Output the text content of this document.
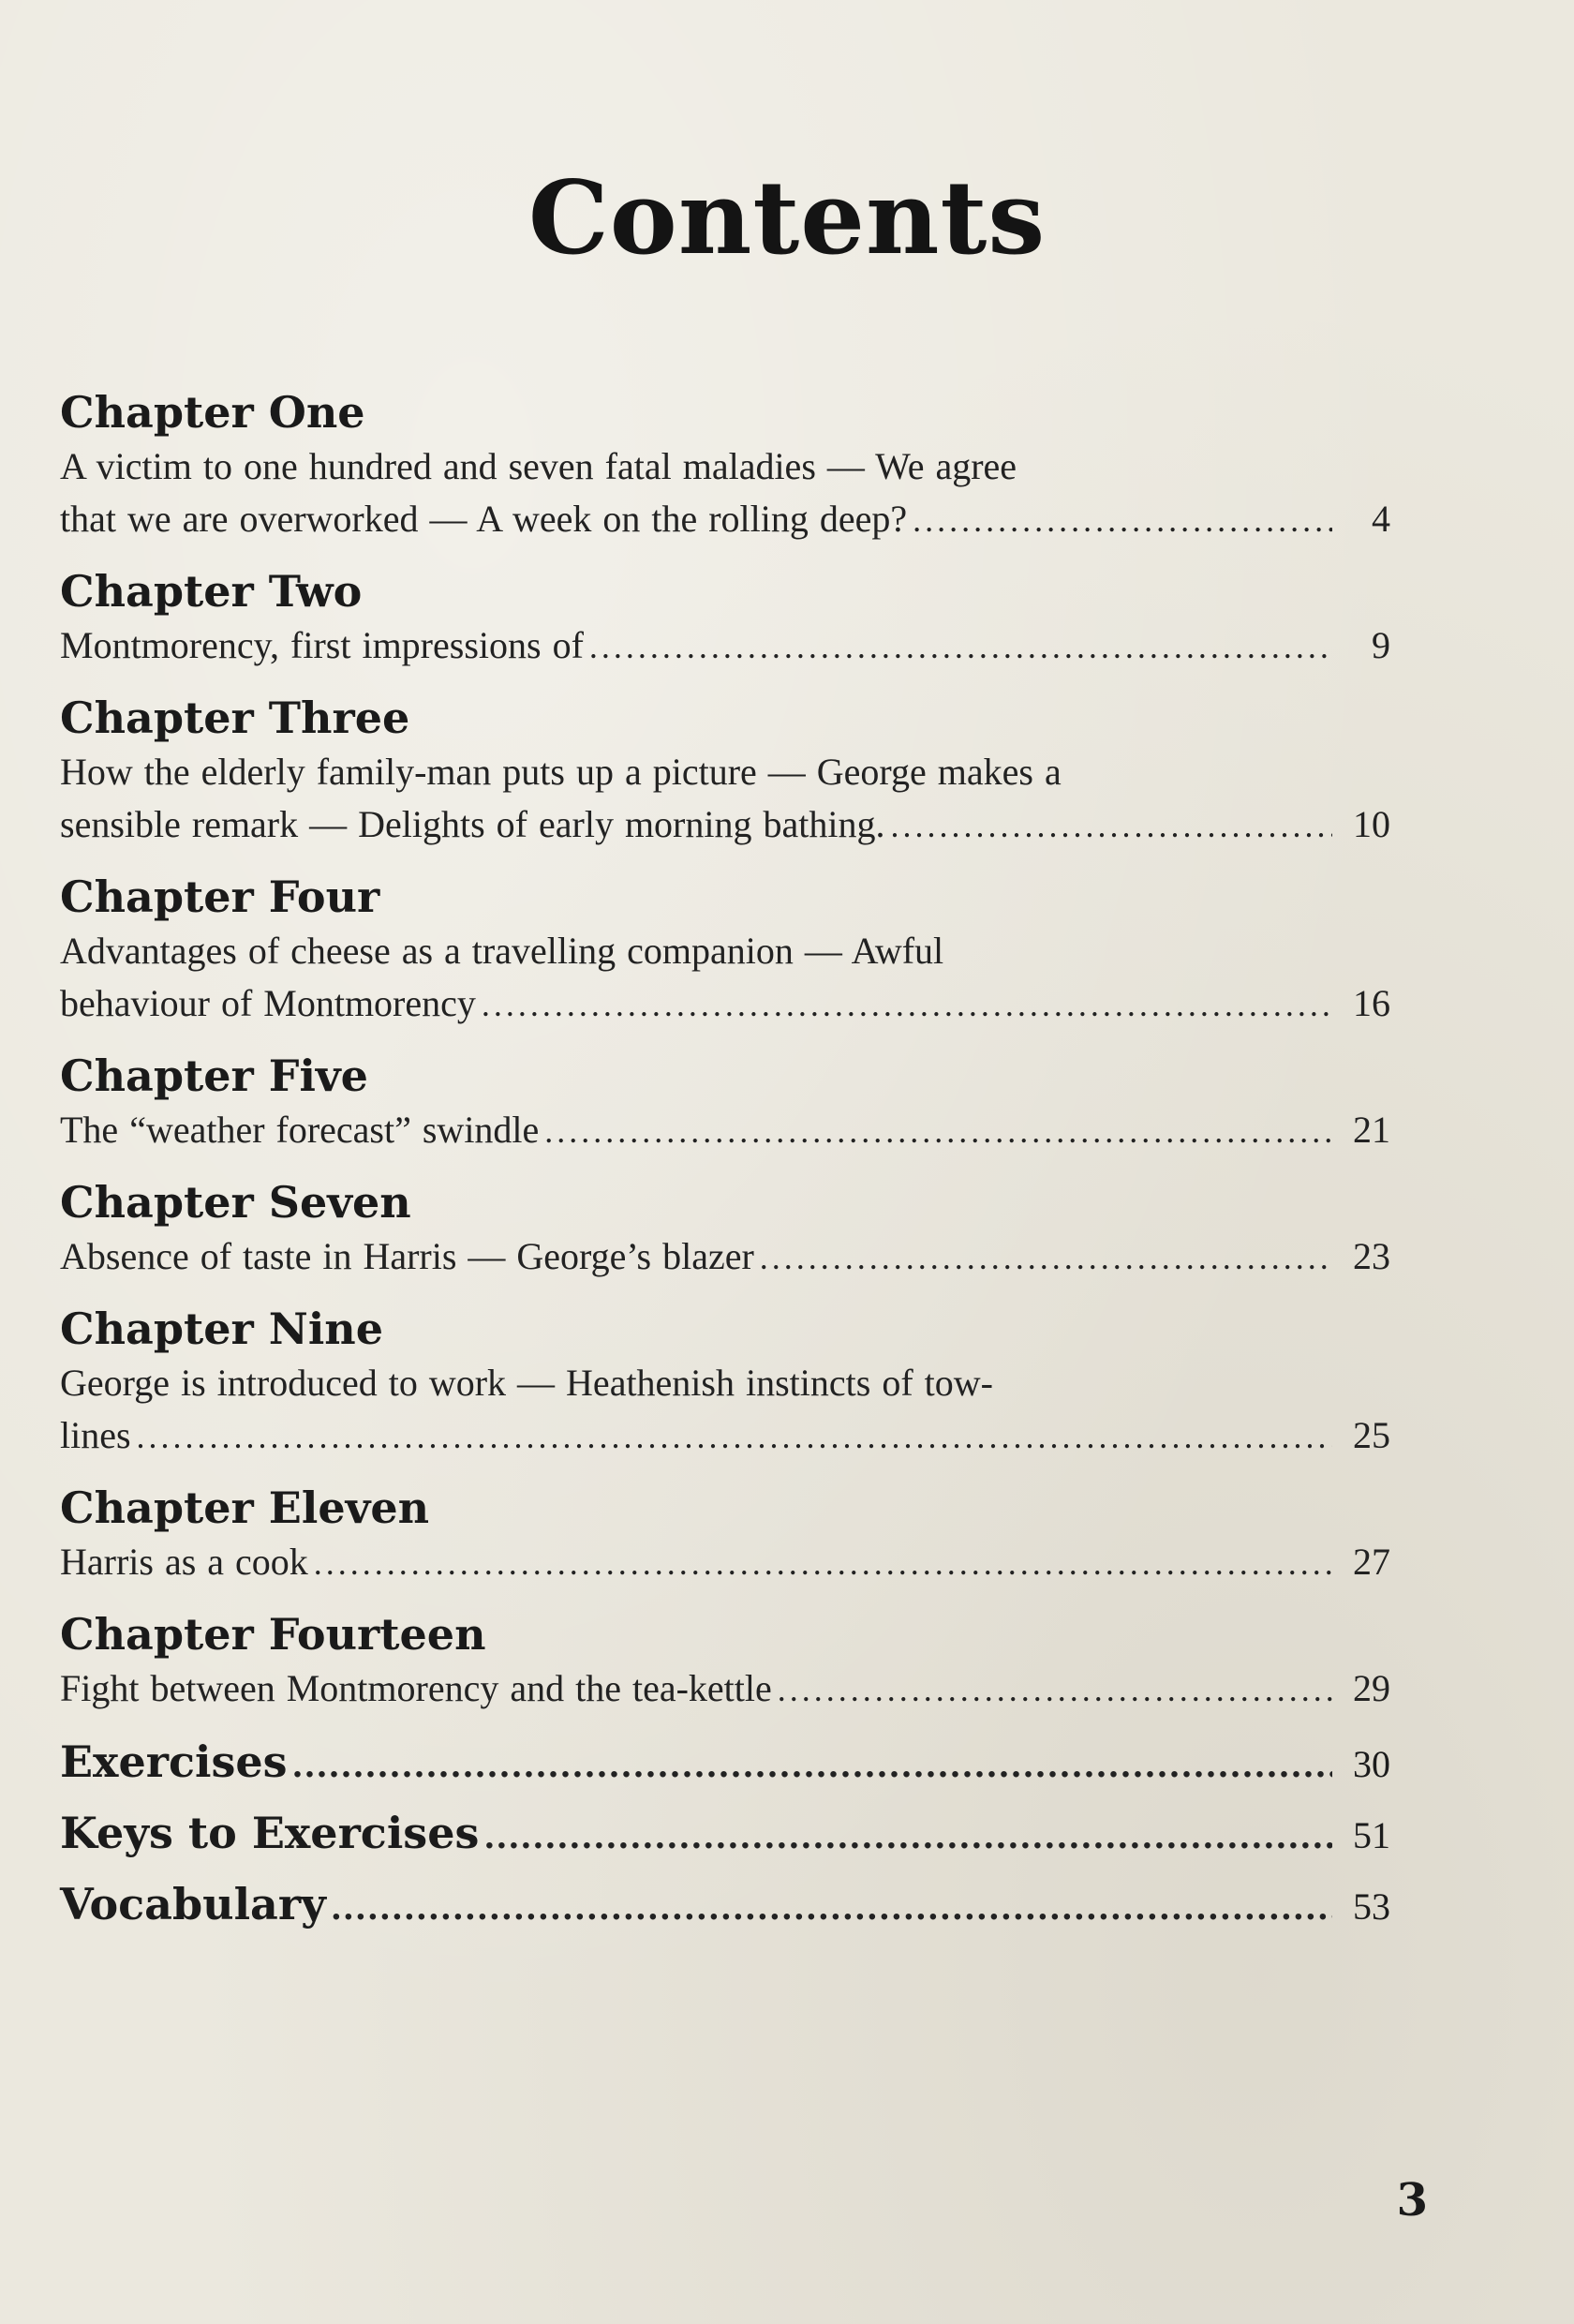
Contents
Chapter One
A victim to one hundred and seven fatal maladies — We agree
that we are overworked — A week on the rolling deep? .....	4
Chapter Two
Montmorency, first impressions of .....	9
Chapter Three
How the elderly family-man puts up a picture — George makes a
sensible remark — Delights of early morning bathing. .....	10
Chapter Four
Advantages of cheese as a travelling companion — Awful
behaviour of Montmorency .....	16
Chapter Five
The “weather forecast” swindle .....	21
Chapter Seven
Absence of taste in Harris — George’s blazer .....	23
Chapter Nine
George is introduced to work — Heathenish instincts of tow-
lines .....	25
Chapter Eleven
Harris as a cook .....	27
Chapter Fourteen
Fight between Montmorency and the tea-kettle .....	29
Exercises .....	30
Keys to Exercises .....	51
Vocabulary .....	53
3
